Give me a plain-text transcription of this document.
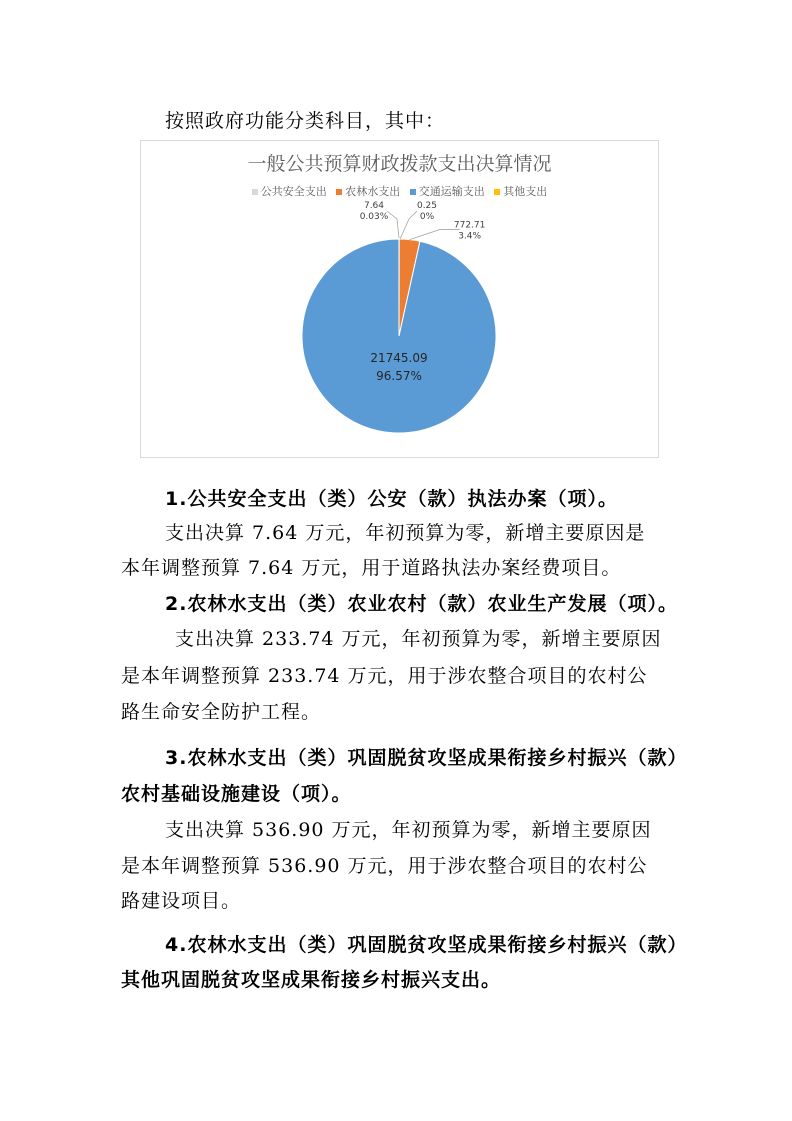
按照政府功能分类科目，其中：
一般公共预算财政拨款支出决算情况
公共安全支出 农林水支出 交通运输支出 其他支出
7.64
0.03%
772.71
3.4%
0.25
0%
21745.09
96.57%
1.公共安全支出（类）公安（款）执法办案（项）。
支出决算 7.64 万元，年初预算为零，新增主要原因是
本年调整预算 7.64 万元，用于道路执法办案经费项目。
2.农林水支出（类）农业农村（款）农业生产发展（项）。
支出决算 233.74 万元，年初预算为零，新增主要原因
是本年调整预算 233.74 万元，用于涉农整合项目的农村公
路生命安全防护工程。
3.农林水支出（类）巩固脱贫攻坚成果衔接乡村振兴（款）
农村基础设施建设（项）。
支出决算 536.90 万元，年初预算为零，新增主要原因
是本年调整预算 536.90 万元，用于涉农整合项目的农村公
路建设项目。
4.农林水支出（类）巩固脱贫攻坚成果衔接乡村振兴（款）
其他巩固脱贫攻坚成果衔接乡村振兴支出。
